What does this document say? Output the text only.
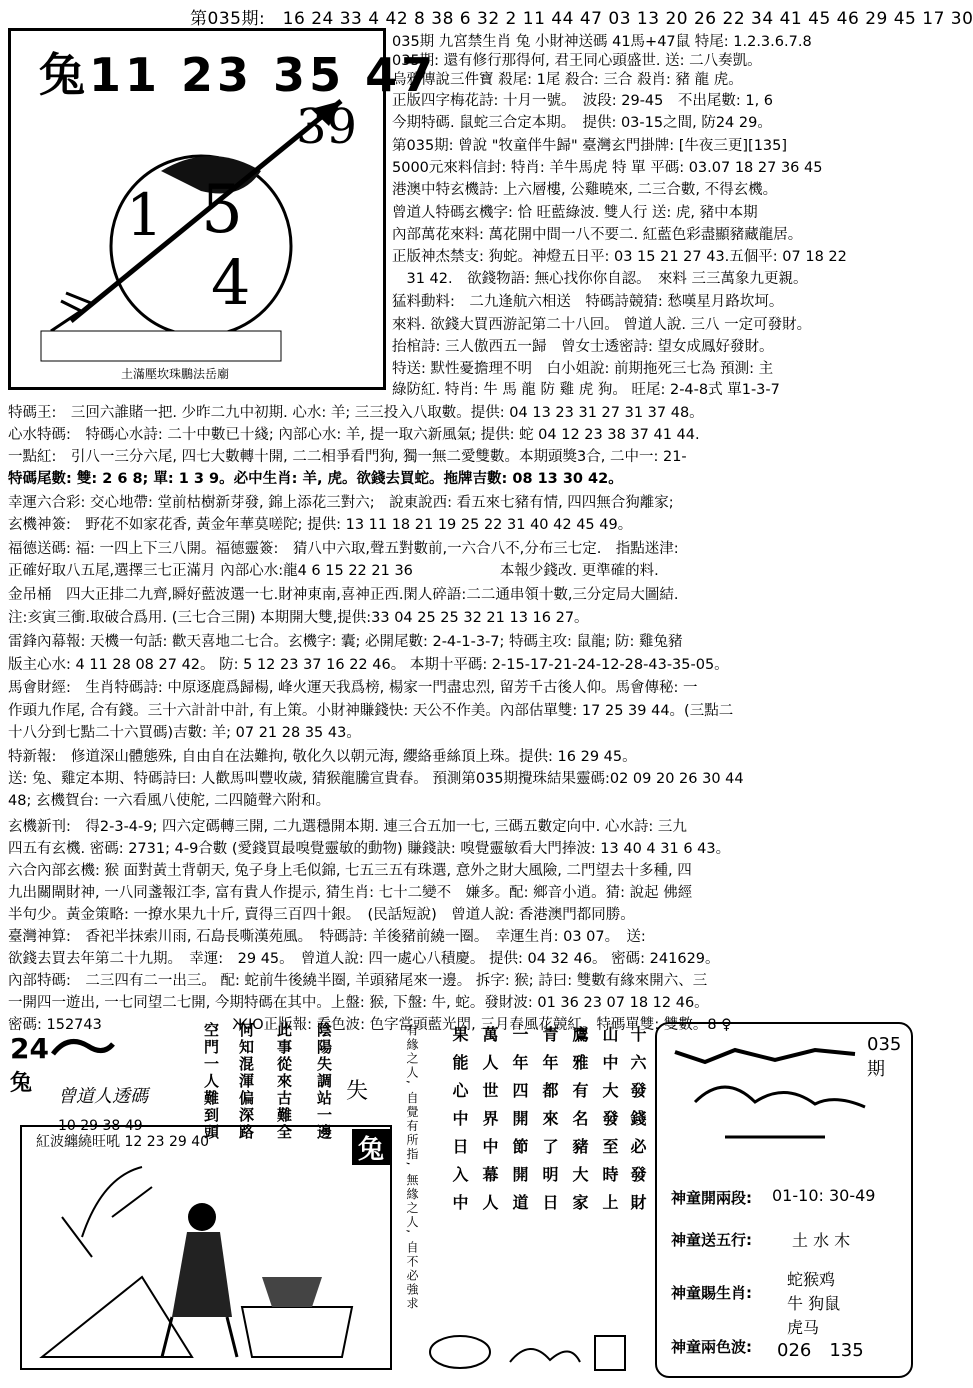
第035期:　16 24 33 4 42 8 38 6 32 2 11 44 47 03 13 20 26 22 34 41 45 46 29 45 17 30
兔11 23 35 47
39
1 5
4
土滿壓坎珠鵬法岳廟
035期 九宮禁生肖 兔 小財神送碼 41馬+47鼠 特尾: 1.2.3.6.7.8
035期: 還有修行那得何, 君王同心頭盛世. 送: 二八奏凱。
烏鴉傳說三件寶 殺尾: 1尾 殺合: 三合 殺肖: 豬 龍 虎。
正版四字梅花詩: 十月一號。　波段: 29-45　不出尾數: 1, 6
今期特碼. 鼠蛇三合定本期。　提供: 03-15之間, 防24 29。
第035期: 曾說 "牧童伴牛歸" 臺灣玄門掛牌: [牛夜三更][135]
5000元來料信封: 特肖: 羊牛馬虎 特 單 平碼: 03.07 18 27 36 45
港澳中特玄機詩: 上六層樓, 公雞曉來, 二三合數, 不得玄機。
曾道人特碼玄機字: 恰 旺藍綠波. 雙人行 送: 虎, 豬中本期
內部萬花來料: 萬花開中間一八不要二. 紅藍色彩盡顯豬藏龍居。
正版神杰禁支: 狗蛇。神燈五日平: 03 15 21 27 43.五個平: 07 18 22
　31 42.　欲錢物語: 無心找你你自認。　來料 三三萬象九更親。
猛料動料:　二九逢航六相送　特碼詩競猜: 愁嘆星月路坎坷。
來料. 欲錢大買西游記第二十八回。 曾道人說. 三八 一定可發財。
抬棺詩: 三人傲西五一歸　曾女士透密詩: 望女成鳳好發財。
特送: 默性憂擔理不明　白小姐說: 前期拖死三七為 預測: 主
綠防紅. 特肖: 牛 馬 龍 防 雞 虎 狗。 旺尾: 2-4-8式 單1-3-7
特碼王:　三回六誰賭一把. 少昨二九中初期. 心水: 羊; 三三投入八取數。提供: 04 13 23 31 27 31 37 48。
心水特碼:　特碼心水詩: 二十中數已十綫; 內部心水: 羊, 提一取六新風氣; 提供: 蛇 04 12 23 38 37 41 44.
一點紅:　引八一三分六尾, 四七大數轉十開, 二二相爭看門狗, 獨一無二愛雙數。本期頭獎3合, 二中一: 21-
特碼尾數: 雙: 2 6 8; 單: 1 3 9。必中生肖: 羊, 虎。欲錢去買蛇。拖牌吉數: 08 13 30 42。
幸運六合彩: 交心地帶: 堂前枯樹新芽發, 錦上添花三對六;　說東說西: 看五來七豬有情, 四四無合狗離家;
玄機神簽:　野花不如家花香, 黃金年華莫嗟陀; 提供: 13 11 18 21 19 25 22 31 40 42 45 49。
福德送碼: 福: 一四上下三八開。福德靈簽:　猜八中六取,聲五對數前,一六合八不,分布三七定.　指點迷津:
正確好取八五尾,選擇三七正滿月 內部心水:龍4 6 15 22 21 36　　　　　　本報少錢改. 更準確的料.
金吊桶　四大正排二九齊,瞬好藍波選一七.財神東南,喜神正西.閑人碎語:二二通串領十數,三分定局大圖結.
注:亥寅三衝.取破合爲用. (三七合三開) 本期開大雙,提供:33 04 25 25 32 21 13 16 27。
雷鋒內幕報: 天機一句話: 歡天喜地二七合。玄機字: 囊; 必開尾數: 2-4-1-3-7; 特碼主攻: 鼠龍; 防: 雞兔豬
版主心水: 4 11 28 08 27 42。 防: 5 12 23 37 16 22 46。 本期十平碼: 2-15-17-21-24-12-28-43-35-05。
馬會財經:　生肖特碼詩: 中原逐鹿爲歸楊, 峰火運天我爲榜, 楊家一門盡忠烈, 留芳千古後人仰。馬會傳秘: 一
作頭九作尾, 合有錢。三十六計計中計, 有上策。小財神賺錢快: 天公不作美。內部估單雙: 17 25 39 44。(三點二
十八分到七點二十六買碼)吉數: 羊; 07 21 28 35 43。
特新報:　修道深山體態殊, 自由自在法難拘, 敬化久以朝元海, 纓絡垂絲頂上珠。提供: 16 29 45。
送: 兔、雞定本期、特碼詩曰: 人歡馬叫豐收歲, 猜猴龍騰宣貴春。 預測第035期攪珠結果靈碼:02 09 20 26 30 44
48; 玄機賀台: 一六看風八使舵, 二四隨聲六附和。
玄機新刊:　得2-3-4-9; 四六定碼轉三開, 二九選穩開本期. 連三合五加一七, 三碼五數定向中. 心水詩: 三九
四五有玄機. 密碼: 2731; 4-9合數 (愛錢買最嗅覺靈敏的動物) 賺錢訣: 嗅覺靈敏看大門捧波: 13 40 4 31 6 43。
六合內部玄機: 猴 面對黃土背朝天, 兔子身上毛似錦, 七五三五有珠選, 意外之財大風險, 二門望去十多種, 四
九出關閘財神, 一八同盞報江李, 富有貴人作提示, 猜生肖: 七十二變不　嫌多。配: 鄉音小逍。猜: 說起 佛經
半句少。黃金策略: 一撩水果九十斤, 賣得三百四十銀。　(民話短說)　曾道人說: 香港澳門都同勝。
臺灣神算:　香祀半抹索川雨, 石島長嘶漢苑風。　特碼詩: 羊後豬前繞一圈。　幸運生肖: 03 07。　送:
欲錢去買去年第二十九期。　幸運:　29 45。　曾道人說: 四一處心八積慶。 提供: 04 32 46。 密碼: 241629。
內部特碼:　二三四有二一出三。 配: 蛇前牛後繞半圈, 羊頭豬尾來一邊。 拆字: 猴; 詩曰: 雙數有緣來開六、三
一開四一遊出, 一七同望二七開, 今期特碼在其中。上盤: 猴, 下盤: 牛, 蛇。發財波: 01 36 23 07 18 12 46。
密碼: 152743　　　　　　　　　ЖЮ正版報: 看色波: 色字當頭藍光閃, 三月春風花競紅。特碼單雙: 雙數。8 ♀
24
兔
曾道人透碼
10 29 38 49	空門一人難到頭 何知混渾偏深路 此事從來古難全 陰陽失調站一邊 失
紅波纏繞旺吼 12 23 29 40	兔	有緣之人, 自覺有所指, 無緣之人, 自不必強求 果能心中日入中 萬人世界中幕人 一年四開節開道 青年都來了明日 鷹雅有名豬大家 山中大發至時上 十六發錢必發財	035期
神童開兩段: 01-10: 30-49
神童送五行:	土 水 木
神童賜生肖:
蛇猴鸡牛 狗鼠虎马
神童兩色波: 026　135
